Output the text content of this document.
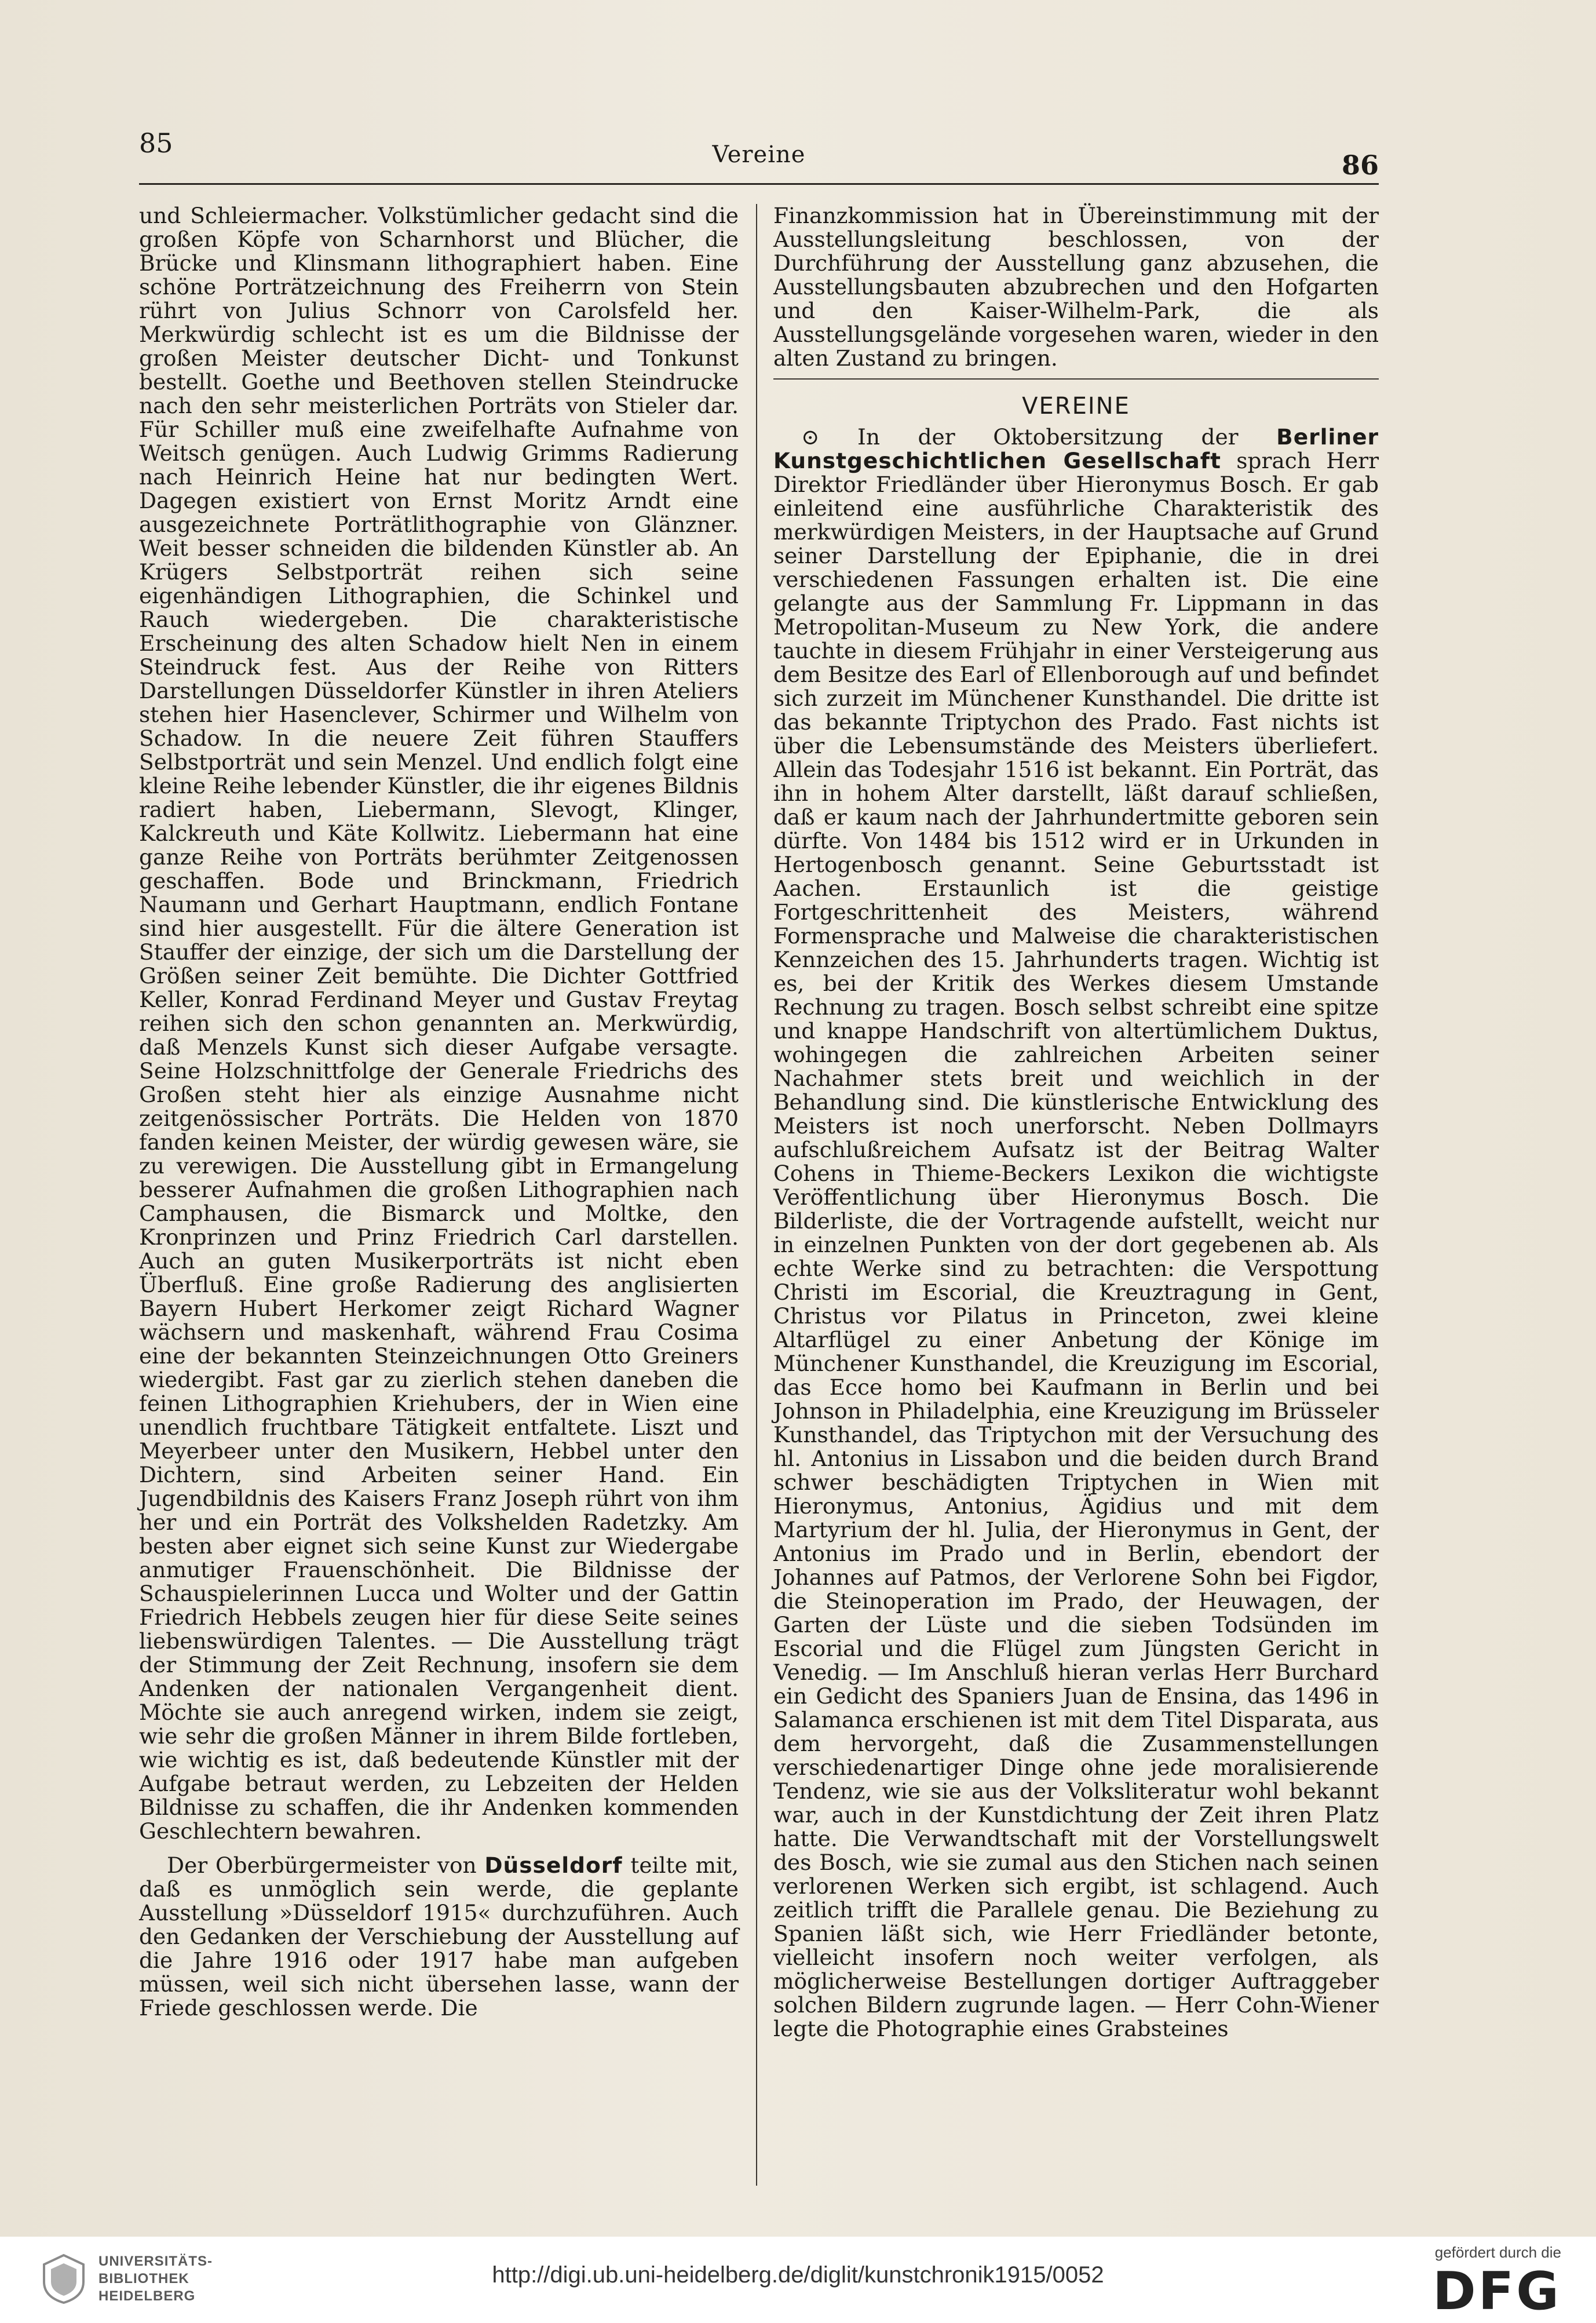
85	Vereine	86

und Schleiermacher. Volkstümlicher gedacht sind die großen Köpfe von Scharnhorst und Blücher, die Brücke und Klinsmann lithographiert haben. Eine schöne Porträtzeichnung des Freiherrn von Stein rührt von Julius Schnorr von Carolsfeld her. Merkwürdig schlecht ist es um die Bildnisse der großen Meister deutscher Dicht- und Tonkunst bestellt. Goethe und Beethoven stellen Steindrucke nach den sehr meisterlichen Porträts von Stieler dar. Für Schiller muß eine zweifelhafte Aufnahme von Weitsch genügen. Auch Ludwig Grimms Radierung nach Heinrich Heine hat nur bedingten Wert. Dagegen existiert von Ernst Moritz Arndt eine ausgezeichnete Porträtlithographie von Glänzner. Weit besser schneiden die bildenden Künstler ab. An Krügers Selbstporträt reihen sich seine eigenhändigen Lithographien, die Schinkel und Rauch wiedergeben. Die charakteristische Erscheinung des alten Schadow hielt Nen in einem Steindruck fest. Aus der Reihe von Ritters Darstellungen Düsseldorfer Künstler in ihren Ateliers stehen hier Hasenclever, Schirmer und Wilhelm von Schadow. In die neuere Zeit führen Stauffers Selbstporträt und sein Menzel. Und endlich folgt eine kleine Reihe lebender Künstler, die ihr eigenes Bildnis radiert haben, Liebermann, Slevogt, Klinger, Kalckreuth und Käte Kollwitz. Liebermann hat eine ganze Reihe von Porträts berühmter Zeitgenossen geschaffen. Bode und Brinckmann, Friedrich Naumann und Gerhart Hauptmann, endlich Fontane sind hier ausgestellt. Für die ältere Generation ist Stauffer der einzige, der sich um die Darstellung der Größen seiner Zeit bemühte. Die Dichter Gottfried Keller, Konrad Ferdinand Meyer und Gustav Freytag reihen sich den schon genannten an. Merkwürdig, daß Menzels Kunst sich dieser Aufgabe versagte. Seine Holzschnittfolge der Generale Friedrichs des Großen steht hier als einzige Ausnahme nicht zeitgenössischer Porträts. Die Helden von 1870 fanden keinen Meister, der würdig gewesen wäre, sie zu verewigen. Die Ausstellung gibt in Ermangelung besserer Aufnahmen die großen Lithographien nach Camphausen, die Bismarck und Moltke, den Kronprinzen und Prinz Friedrich Carl darstellen. Auch an guten Musikerporträts ist nicht eben Überfluß. Eine große Radierung des anglisierten Bayern Hubert Herkomer zeigt Richard Wagner wächsern und maskenhaft, während Frau Cosima eine der bekannten Steinzeichnungen Otto Greiners wiedergibt. Fast gar zu zierlich stehen daneben die feinen Lithographien Kriehubers, der in Wien eine unendlich fruchtbare Tätigkeit entfaltete. Liszt und Meyerbeer unter den Musikern, Hebbel unter den Dichtern, sind Arbeiten seiner Hand. Ein Jugendbildnis des Kaisers Franz Joseph rührt von ihm her und ein Porträt des Volkshelden Radetzky. Am besten aber eignet sich seine Kunst zur Wiedergabe anmutiger Frauenschönheit. Die Bildnisse der Schauspielerinnen Lucca und Wolter und der Gattin Friedrich Hebbels zeugen hier für diese Seite seines liebenswürdigen Talentes. — Die Ausstellung trägt der Stimmung der Zeit Rechnung, insofern sie dem Andenken der nationalen Vergangenheit dient. Möchte sie auch anregend wirken, indem sie zeigt, wie sehr die großen Männer in ihrem Bilde fortleben, wie wichtig es ist, daß bedeutende Künstler mit der Aufgabe betraut werden, zu Lebzeiten der Helden Bildnisse zu schaffen, die ihr Andenken kommenden Geschlechtern bewahren.

Der Oberbürgermeister von Düsseldorf teilte mit, daß es unmöglich sein werde, die geplante Ausstellung »Düsseldorf 1915« durchzuführen. Auch den Gedanken der Verschiebung der Ausstellung auf die Jahre 1916 oder 1917 habe man aufgeben müssen, weil sich nicht übersehen lasse, wann der Friede geschlossen werde. Die

Finanzkommission hat in Übereinstimmung mit der Ausstellungsleitung beschlossen, von der Durchführung der Ausstellung ganz abzusehen, die Ausstellungsbauten abzubrechen und den Hofgarten und den Kaiser-Wilhelm-Park, die als Ausstellungsgelände vorgesehen waren, wieder in den alten Zustand zu bringen.

VEREINE

⊙ In der Oktobersitzung der Berliner Kunstgeschichtlichen Gesellschaft sprach Herr Direktor Friedländer über Hieronymus Bosch. Er gab einleitend eine ausführliche Charakteristik des merkwürdigen Meisters, in der Hauptsache auf Grund seiner Darstellung der Epiphanie, die in drei verschiedenen Fassungen erhalten ist. Die eine gelangte aus der Sammlung Fr. Lippmann in das Metropolitan-Museum zu New York, die andere tauchte in diesem Frühjahr in einer Versteigerung aus dem Besitze des Earl of Ellenborough auf und befindet sich zurzeit im Münchener Kunsthandel. Die dritte ist das bekannte Triptychon des Prado. Fast nichts ist über die Lebensumstände des Meisters überliefert. Allein das Todesjahr 1516 ist bekannt. Ein Porträt, das ihn in hohem Alter darstellt, läßt darauf schließen, daß er kaum nach der Jahrhundertmitte geboren sein dürfte. Von 1484 bis 1512 wird er in Urkunden in Hertogenbosch genannt. Seine Geburtsstadt ist Aachen. Erstaunlich ist die geistige Fortgeschrittenheit des Meisters, während Formensprache und Malweise die charakteristischen Kennzeichen des 15. Jahrhunderts tragen. Wichtig ist es, bei der Kritik des Werkes diesem Umstande Rechnung zu tragen. Bosch selbst schreibt eine spitze und knappe Handschrift von altertümlichem Duktus, wohingegen die zahlreichen Arbeiten seiner Nachahmer stets breit und weichlich in der Behandlung sind. Die künstlerische Entwicklung des Meisters ist noch unerforscht. Neben Dollmayrs aufschlußreichem Aufsatz ist der Beitrag Walter Cohens in Thieme-Beckers Lexikon die wichtigste Veröffentlichung über Hieronymus Bosch. Die Bilderliste, die der Vortragende aufstellt, weicht nur in einzelnen Punkten von der dort gegebenen ab. Als echte Werke sind zu betrachten: die Verspottung Christi im Escorial, die Kreuztragung in Gent, Christus vor Pilatus in Princeton, zwei kleine Altarflügel zu einer Anbetung der Könige im Münchener Kunsthandel, die Kreuzigung im Escorial, das Ecce homo bei Kaufmann in Berlin und bei Johnson in Philadelphia, eine Kreuzigung im Brüsseler Kunsthandel, das Triptychon mit der Versuchung des hl. Antonius in Lissabon und die beiden durch Brand schwer beschädigten Triptychen in Wien mit Hieronymus, Antonius, Ägidius und mit dem Martyrium der hl. Julia, der Hieronymus in Gent, der Antonius im Prado und in Berlin, ebendort der Johannes auf Patmos, der Verlorene Sohn bei Figdor, die Steinoperation im Prado, der Heuwagen, der Garten der Lüste und die sieben Todsünden im Escorial und die Flügel zum Jüngsten Gericht in Venedig. — Im Anschluß hieran verlas Herr Burchard ein Gedicht des Spaniers Juan de Ensina, das 1496 in Salamanca erschienen ist mit dem Titel Disparata, aus dem hervorgeht, daß die Zusammenstellungen verschiedenartiger Dinge ohne jede moralisierende Tendenz, wie sie aus der Volksliteratur wohl bekannt war, auch in der Kunstdichtung der Zeit ihren Platz hatte. Die Verwandtschaft mit der Vorstellungswelt des Bosch, wie sie zumal aus den Stichen nach seinen verlorenen Werken sich ergibt, ist schlagend. Auch zeitlich trifft die Parallele genau. Die Beziehung zu Spanien läßt sich, wie Herr Friedländer betonte, vielleicht insofern noch weiter verfolgen, als möglicherweise Bestellungen dortiger Auftraggeber solchen Bildern zugrunde lagen. — Herr Cohn-Wiener legte die Photographie eines Grabsteines

UNIVERSITÄTS-
BIBLIOTHEK
HEIDELBERG
http://digi.ub.uni-heidelberg.de/diglit/kunstchronik1915/0052
gefördert durch die
DFG
